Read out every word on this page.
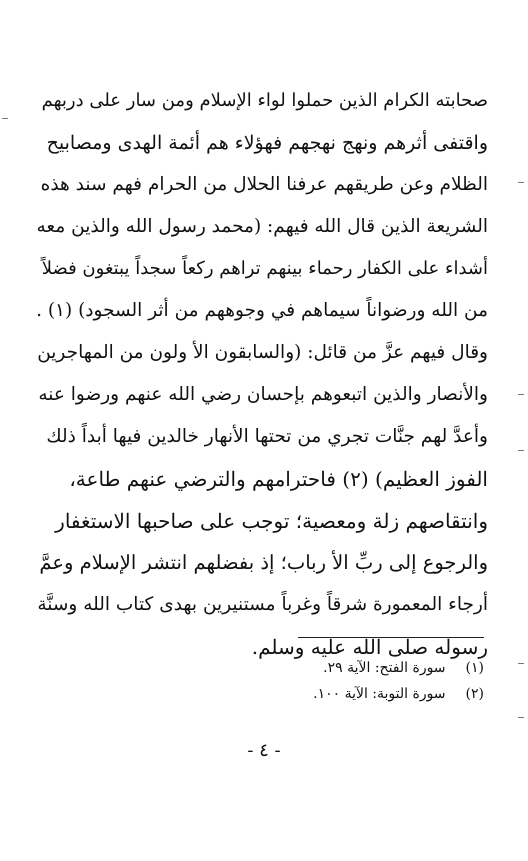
صحابته الكرام الذين حملوا لواء الإسلام ومن سار على دربهم
واقتفى أثرهم ونهج نهجهم فهؤلاء هم أئمة الهدى ومصابيح
الظلام وعن طريقهم عرفنا الحلال من الحرام فهم سند هذه
الشريعة الذين قال الله فيهم: (محمد رسول الله والذين معه
أشداء على الكفار رحماء بينهم تراهم ركعاً سجداً يبتغون فضلاً
من الله ورضواناً سيماهم في وجوههم من أثر السجود) (١) .
وقال فيهم عزَّ من قائل: (والسابقون الأ ولون من المهاجرين
والأنصار والذين اتبعوهم بإحسان رضي الله عنهم ورضوا عنه
وأعدَّ لهم جنَّات تجري من تحتها الأنهار خالدين فيها أبداً ذلك
الفوز العظيم) (٢) فاحترامهم والترضي عنهم طاعة،
وانتقاصهم زلة ومعصية؛ توجب على صاحبها الاستغفار
والرجوع إلى ربِّ الأ رباب؛ إذ بفضلهم انتشر الإسلام وعمَّ
أرجاء المعمورة شرقاً وغرباً مستنيرين بهدى كتاب الله وسنَّة
رسوله صلى الله عليه وسلم.
(١) سورة الفتح: الآية ٢٩.
(٢) سورة التوبة: الآية ١٠٠.
- ٤ -
